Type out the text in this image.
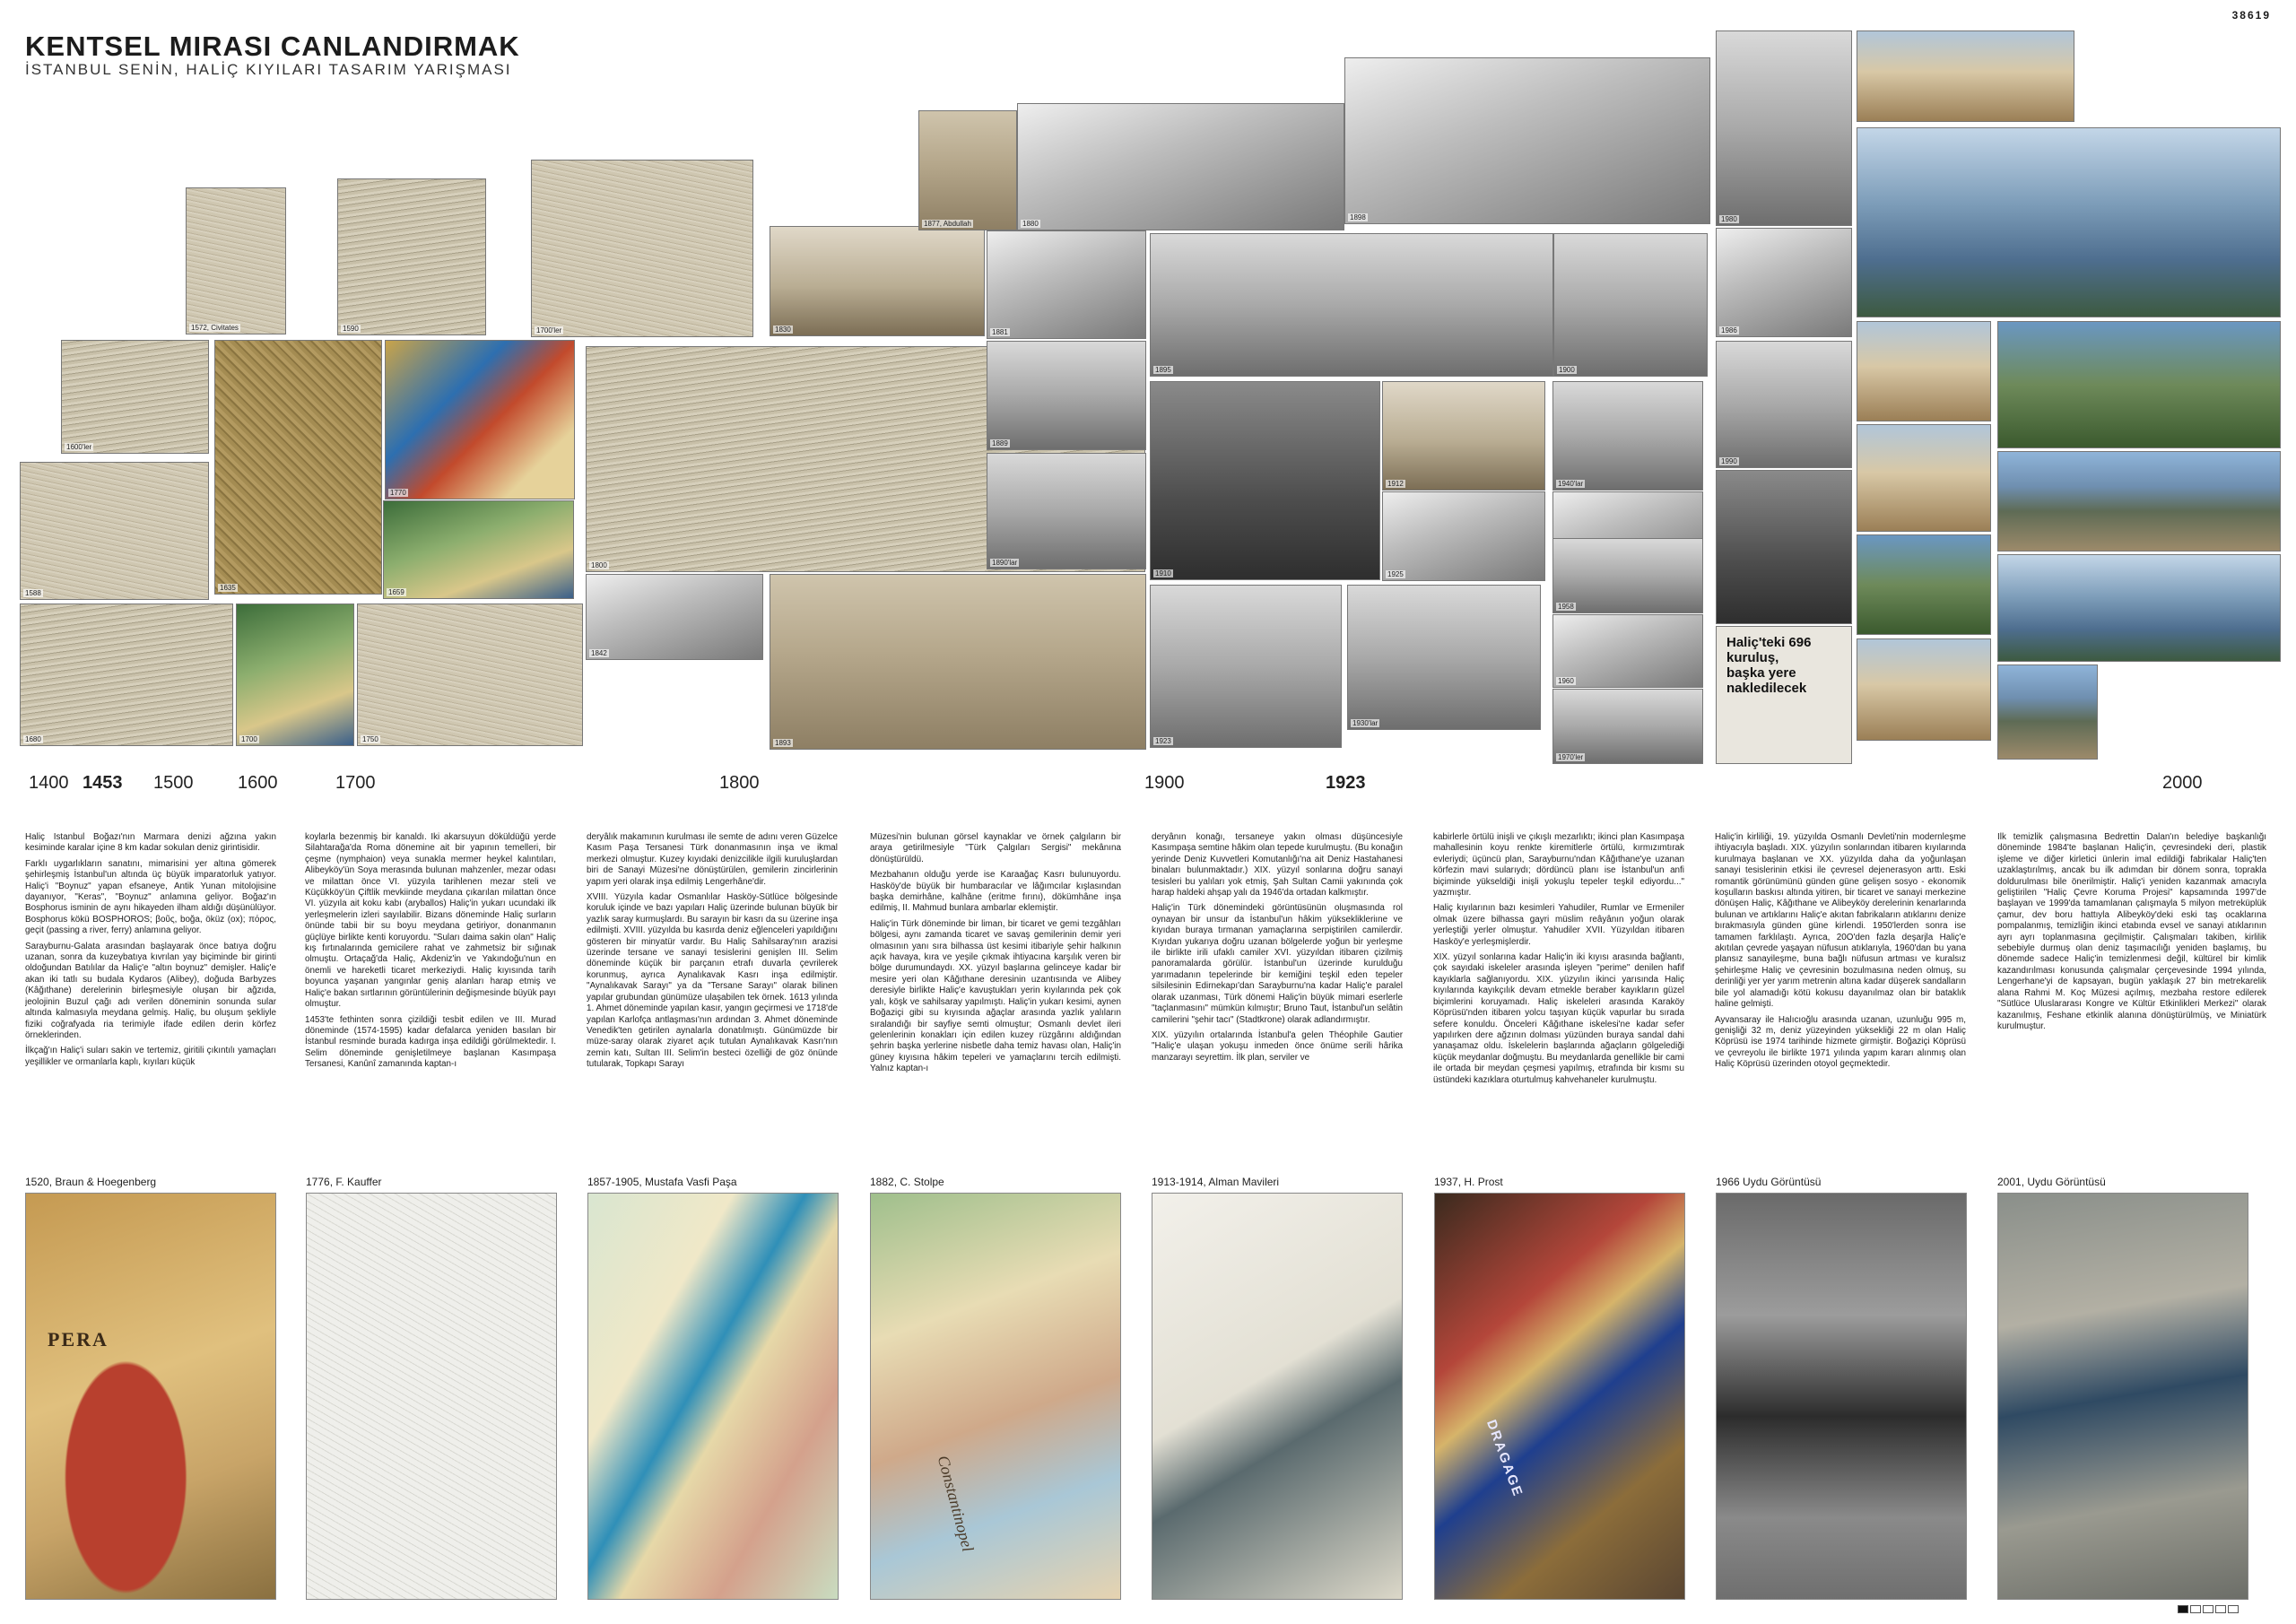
KENTSEL MIRASI CANLANDIRMAK
İSTANBUL SENİN, HALİÇ KIYILARI TASARIM YARIŞMASI
38619
1572, Civitates	1590	1700'ler
1600'ler
1635
1770
1588	1659
1680	1700	1750
1800
1830
1877, Abdullah	1880
1881
1889
1890'lar
1842
1893
1898
1895	1900
1910
1912
1925
1923
1930'lar
1940'lar
1958
1960
1970'ler
1980
1986
1990
Haliç'teki 696 kuruluş, başka yere nakledilecek
1400 1453 1500 1600	1700	1800	1900	1923	2000

Haliç İstanbul Boğazı'nın Marmara denizi ağzına yakın kesiminde karalar içine 8 km kadar sokulan deniz girintisidir.

Farklı uygarlıkların sanatını, mimarisini yer altına gömerek şehirleşmiş İstanbul'un altında üç büyük imparatorluk yatıyor. Haliç'i "Boynuz" yapan efsaneye, Antik Yunan mitolojisine dayanıyor, "Keras", "Boynuz" anlamına geliyor. Boğaz'ın Bosphorus isminin de aynı hikayeden ilham aldığı düşünülüyor. Bosphorus kökü BOSPHOROS; βοῦς, boğa, öküz (ox); πόρος, geçit (passing a river, ferry) anlamına geliyor.

Sarayburnu-Galata arasından başlayarak önce batıya doğru uzanan, sonra da kuzeybatıya kıvrılan yay biçiminde bir girinti oldoğundan Batılılar da Haliç'e "altın boynuz" demişler. Haliç'e akan iki tatlı su budala Kydaros (Alibey), doğuda Barbyzes (Kâğıthane) derelerinin birleşmesiyle oluşan bir ağzıda, jeolojinin Buzul çağı adı verilen döneminin sonunda sular altında kalmasıyla meydana gelmiş. Haliç, bu oluşum şekliyle fiziki coğrafyada ria terimiyle ifade edilen derin körfez örneklerinden.

İlkçağ'ın Haliç'i suları sakin ve tertemiz, giritili çıkıntılı yamaçları yeşillikler ve ormanlarla kaplı, kıyıları küçük

koylarla bezenmiş bir kanaldı. İki akarsuyun döküldüğü yerde Silahtarağa'da Roma dönemine ait bir yapının temelleri, bir çeşme (nymphaion) veya sunakla mermer heykel kalıntıları, Alibeyköy'ün Soya merasında bulunan mahzenler, mezar odası ve milattan önce VI. yüzyıla tarihlenen mezar steli ve Küçükköy'ün Çiftlik mevkiinde meydana çıkarılan milattan önce VI. yüzyıla ait koku kabı (aryballos) Haliç'in yukarı ucundaki ilk yerleşmelerin izleri sayılabilir. Bizans döneminde Haliç surların önünde tabii bir su boyu meydana getiriyor, donanmanın güçlüye birlikte kenti koruyordu. "Suları daima sakin olan" Haliç kış fırtınalarında gemicilere rahat ve zahmetsiz bir sığınak olmuştu. Ortaçağ'da Haliç, Akdeniz'in ve Yakındoğu'nun en önemli ve hareketli ticaret merkeziydi. Haliç kıyısında tarih boyunca yaşanan yangınlar geniş alanları harap etmiş ve Haliç'e bakan sırtlarının görüntülerinin değişmesinde büyük payı olmuştur.

1453'te fethinten sonra çizildiği tesbit edilen ve III. Murad döneminde (1574-1595) kadar defalarca yeniden basılan bir İstanbul resminde burada kadırga inşa edildiği görülmektedir. I. Selim döneminde genişletilmeye başlanan Kasımpaşa Tersanesi, Kanûnî zamanında kaptan-ı

deryâlık makamının kurulması ile semte de adını veren Güzelce Kasım Paşa Tersanesi Türk donanmasının inşa ve ikmal merkezi olmuştur. Kuzey kıyıdaki denizcilikle ilgili kuruluşlardan biri de Sanayi Müzesi'ne dönüştürülen, gemilerin zincirlerinin yapım yeri olarak inşa edilmiş Lengerhâne'dir.

XVIII. Yüzyıla kadar Osmanlılar Hasköy-Sütlüce bölgesinde koruluk içinde ve bazı yapıları Haliç üzerinde bulunan büyük bir yazlık saray kurmuşlardı. Bu sarayın bir kasrı da su üzerine inşa edilmişti. XVIII. yüzyılda bu kasırda deniz eğlenceleri yapıldığını gösteren bir minyatür vardır. Bu Haliç Sahilsaray'nın arazisi üzerinde tersane ve sanayi tesislerini genişlen III. Selim döneminde küçük bir parçanın etrafı duvarla çevrilerek korunmuş, ayrıca Aynalıkavak Kasrı inşa edilmiştir. "Aynalıkavak Sarayı" ya da "Tersane Sarayı" olarak bilinen yapılar grubundan günümüze ulaşabilen tek örnek. 1613 yılında 1. Ahmet döneminde yapılan kasır, yangın geçirmesi ve 1718'de yapılan Karlofça antlaşması'nın ardından 3. Ahmet döneminde Venedik'ten getirilen aynalarla donatılmıştı. Günümüzde bir müze-saray olarak ziyaret açık tutulan Aynalıkavak Kasrı'nın zemin katı, Sultan III. Selim'in besteci özelliği de göz önünde tutularak, Topkapı Sarayı

Müzesi'nin bulunan görsel kaynaklar ve örnek çalgıların bir araya getirilmesiyle "Türk Çalgıları Sergisi" mekânına dönüştürüldü.

Mezbahanın olduğu yerde ise Karaağaç Kasrı bulunuyordu. Hasköy'de büyük bir humbaracılar ve lâğımcılar kışlasından başka demirhâne, kalhâne (eritme fırını), dökümhâne inşa edilmiş, II. Mahmud bunlara ambarlar eklemiştir.

Haliç'in Türk döneminde bir liman, bir ticaret ve gemi tezgâhları bölgesi, aynı zamanda ticaret ve savaş gemilerinin demir yeri olmasının yanı sıra bilhassa üst kesimi itibariyle şehir halkının açık havaya, kıra ve yeşile çıkmak ihtiyacına karşılık veren bir bölge durumundaydı. XX. yüzyıl başlarına gelinceye kadar bir mesire yeri olan Kâğıthane deresinin uzantısında ve Alibey deresiyle birlikte Haliç'e kavuştukları yerin kıyılarında pek çok yalı, köşk ve sahilsaray yapılmıştı. Haliç'in yukarı kesimi, aynen Boğaziçi gibi su kıyısında ağaçlar arasında yazlık yalıların sıralandığı bir sayfiye semti olmuştur; Osmanlı devlet ileri gelenlerinin konakları için edilen kuzey rüzgârını aldığından şehrin başka yerlerine nisbetle daha temiz havası olan, Haliç'in güney kıyısına hâkim tepeleri ve yamaçlarını tercih edilmişti. Yalnız kaptan-ı

deryânın konağı, tersaneye yakın olması düşüncesiyle Kasımpaşa semtine hâkim olan tepede kurulmuştu. (Bu konağın yerinde Deniz Kuvvetleri Komutanlığı'na ait Deniz Hastahanesi binaları bulunmaktadır.) XIX. yüzyıl sonlarına doğru sanayi tesisleri bu yalıları yok etmiş, Şah Sultan Camii yakınında çok harap haldeki ahşap yalı da 1946'da ortadan kalkmıştır.

Haliç'in Türk dönemindeki görüntüsünün oluşmasında rol oynayan bir unsur da İstanbul'un hâkim yükseklikleriıne ve kıyıdan buraya tırmanan yamaçlarına serpiştirilen camilerdir. Kıyıdan yukarıya doğru uzanan bölgelerde yoğun bir yerleşme ile birlikte irili ufaklı camiler XVI. yüzyıldan itibaren çizilmiş panoramalarda görülür. İstanbul'un üzerinde kurulduğu yarımadanın tepelerinde bir kemiğini teşkil eden tepeler silsilesinin Edirnekapı'dan Sarayburnu'na kadar Haliç'e paralel olarak uzanması, Türk dönemi Haliç'in büyük mimari eserlerle "taçlanmasını" mümkün kılmıştır; Bruno Taut, İstanbul'un selâtin camilerini "şehir tacı" (Stadtkrone) olarak adlandırmıştır.

XIX. yüzyılın ortalarında İstanbul'a gelen Théophile Gautier "Haliç'e ulaşan yokuşu inmeden önce önüme serili hârika manzarayı seyrettim. İlk plan, serviler ve

kabirlerle örtülü inişli ve çıkışlı mezarlıktı; ikinci plan Kasımpaşa mahallesinin koyu renkte kiremitlerle örtülü, kırmızımtırak evleriydi; üçüncü plan, Sarayburnu'ndan Kâğıthane'ye uzanan körfezin mavi sularıydı; dördüncü planı ise İstanbul'un anfi biçiminde yükseldiği inişli yokuşlu tepeler teşkil ediyordu..." yazmıştır.

Haliç kıyılarının bazı kesimleri Yahudiler, Rumlar ve Ermeniler olmak üzere bilhassa gayri müslim reâyânın yoğun olarak yerleştiği yerler olmuştur. Yahudiler XVII. Yüzyıldan itibaren Hasköy'e yerleşmişlerdir.

XIX. yüzyıl sonlarına kadar Haliç'in iki kıyısı arasında bağlantı, çok sayıdaki iskeleler arasında işleyen "perime" denilen hafif kayıklarla sağlanıyordu. XIX. yüzyılın ikinci yarısında Haliç kıyılarında kayıkçılık devam etmekle beraber kayıkların güzel biçimlerini koruyamadı. Haliç iskeleleri arasında Karaköy Köprüsü'nden itibaren yolcu taşıyan küçük vapurlar bu sırada sefere konuldu. Önceleri Kâğıthane iskelesi'ne kadar sefer yapılırken dere ağzının dolması yüzünden buraya sandal dahi yanaşamaz oldu. İskelelerin başlarında ağaçların gölgelediği küçük meydanlar doğmuştu. Bu meydanlarda genellikle bir cami ile ortada bir meydan çeşmesi yapılmış, etrafında bir kısmı su üstündeki kazıklara oturtulmuş kahvehaneler kurulmuştu.

Haliç'in kirliliği, 19. yüzyılda Osmanlı Devleti'nin modernleşme ihtiyacıyla başladı. XIX. yüzyılın sonlarından itibaren kıyılarında kurulmaya başlanan ve XX. yüzyılda daha da yoğunlaşan sanayi tesislerinin etkisi ile çevresel dejenerasyon arttı. Eski romantik görünümünü günden güne gelişen sosyo - ekonomik koşulların baskısı altında yitiren, bir ticaret ve sanayi merkezine dönüşen Haliç, Kâğıthane ve Alibeyköy derelerinin kenarlarında bulunan ve artıklarını Haliç'e akıtan fabrikaların atıklarını denize bırakmasıyla günden güne kirlendi. 1950'lerden sonra ise tamamen farklılaştı. Ayrıca, 20O'den fazla deşarjla Haliç'e akıtılan çevrede yaşayan nüfusun atıklarıyla, 1960'dan bu yana plansız sanayileşme, buna bağlı nüfusun artması ve kuralsız şehirleşme Haliç ve çevresinin bozulmasına neden olmuş, su derinliği yer yer yarım metrenin altına kadar düşerek sandalların bile yol alamadığı kötü kokusu dayanılmaz olan bir bataklık haline gelmişti.

Ayvansaray ile Halıcıoğlu arasında uzanan, uzunluğu 995 m, genişliği 32 m, deniz yüzeyinden yüksekliği 22 m olan Haliç Köprüsü ise 1974 tarihinde hizmete girmiştir. Boğaziçi Köprüsü ve çevreyolu ile birlikte 1971 yılında yapım kararı alınmış olan Haliç Köprüsü üzerinden otoyol geçmektedir.

İlk temizlik çalışmasına Bedrettin Dalan'ın belediye başkanlığı döneminde 1984'te başlanan Haliç'in, çevresindeki deri, plastik işleme ve diğer kirletici ünlerin imal edildiği fabrikalar Haliç'ten uzaklaştırılmış, ancak bu ilk adımdan bir dönem sonra, toprakla doldurulması bile önerilmiştir. Haliç'i yeniden kazanmak amacıyla geliştirilen "Haliç Çevre Koruma Projesi" kapsamında 1997'de başlayan ve 1999'da tamamlanan çalışmayla 5 milyon metreküplük çamur, dev boru hattıyla Alibeyköy'deki eski taş ocaklarına pompalanmış, temizliğin ikinci etabında evsel ve sanayi atıklarının ayrı ayrı toplanmasına geçilmiştir. Çalışmaları takiben, kirlilik sebebiyle durmuş olan deniz taşımacılığı yeniden başlamış, bu dönemde sadece Haliç'in temizlenmesi değil, kültürel bir kimlik kazandırılması konusunda çalışmalar çerçevesinde 1994 yılında, Lengerhane'yi de kapsayan, bugün yaklaşık 27 bin metrekarelik alana Rahmi M. Koç Müzesi açılmış, mezbaha restore edilerek "Sütlüce Uluslararası Kongre ve Kültür Etkinlikleri Merkezi" olarak kazanılmış, Feshane etkinlik alanına dönüştürülmüş, ve Miniatürk kurulmuştur.

1520, Braun & Hoegenberg	1776, F. Kauffer	1857-1905, Mustafa Vasfi Paşa	1882, C. Stolpe	1913-1914, Alman Mavileri	1937, H. Prost	1966 Uydu Görüntüsü	2001, Uydu Görüntüsü
PERA
Constantinopel	DRAGAGE
